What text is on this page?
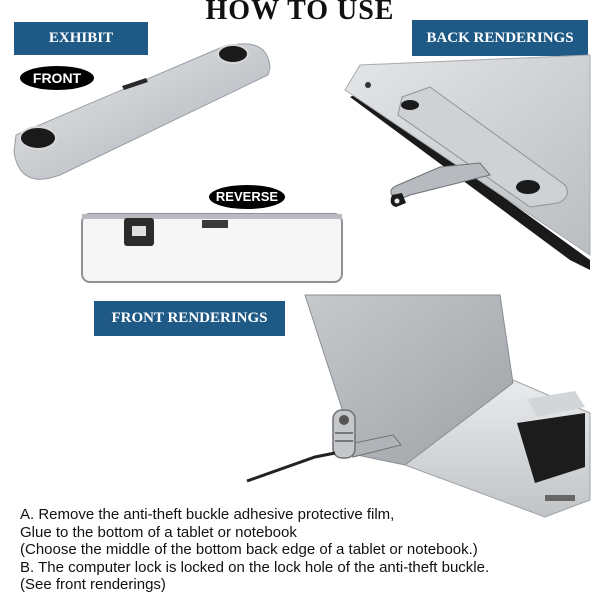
HOW TO USE
EXHIBIT	BACK RENDERINGS
FRONT RENDERINGS
FRONT
REVERSE
A. Remove the anti-theft buckle adhesive protective film,
Glue to the bottom of a tablet or notebook
(Choose the middle of the bottom back edge of a tablet or notebook.)
B. The computer lock is locked on the lock hole of the anti-theft buckle.
(See front renderings)
